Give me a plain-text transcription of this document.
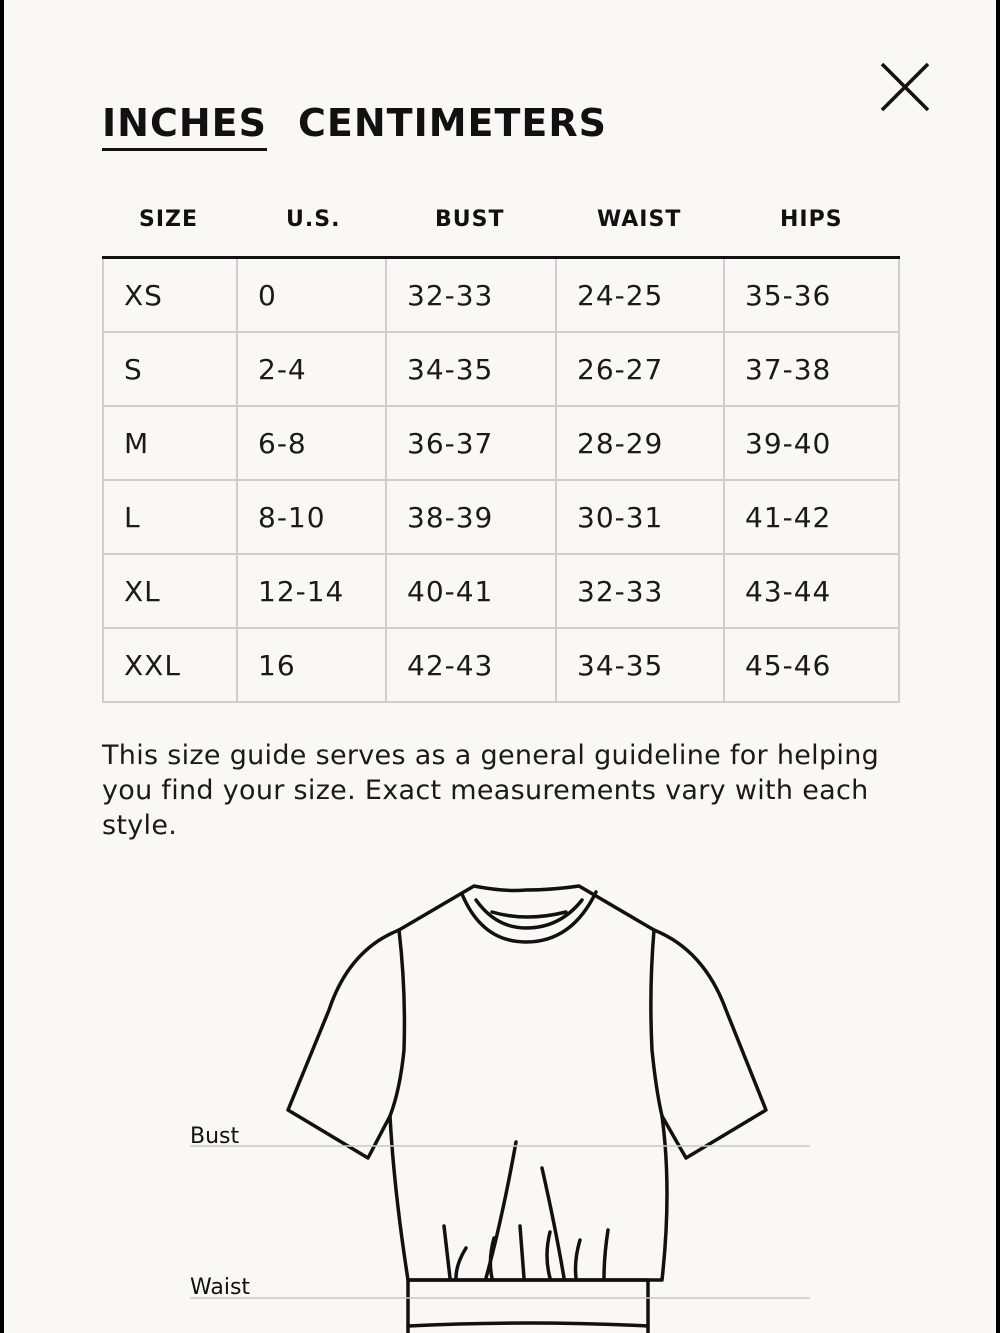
INCHES CENTIMETERS
SIZE	U.S.	BUST	WAIST	HIPS
XS	0	32-33	24-25	35-36
S	2-4	34-35	26-27	37-38
M	6-8	36-37	28-29	39-40
L	8-10	38-39	30-31	41-42
XL	12-14	40-41	32-33	43-44
XXL	16	42-43	34-35	45-46
This size guide serves as a general guideline for helping you find your size. Exact measurements vary with each style.
Bust
Waist
